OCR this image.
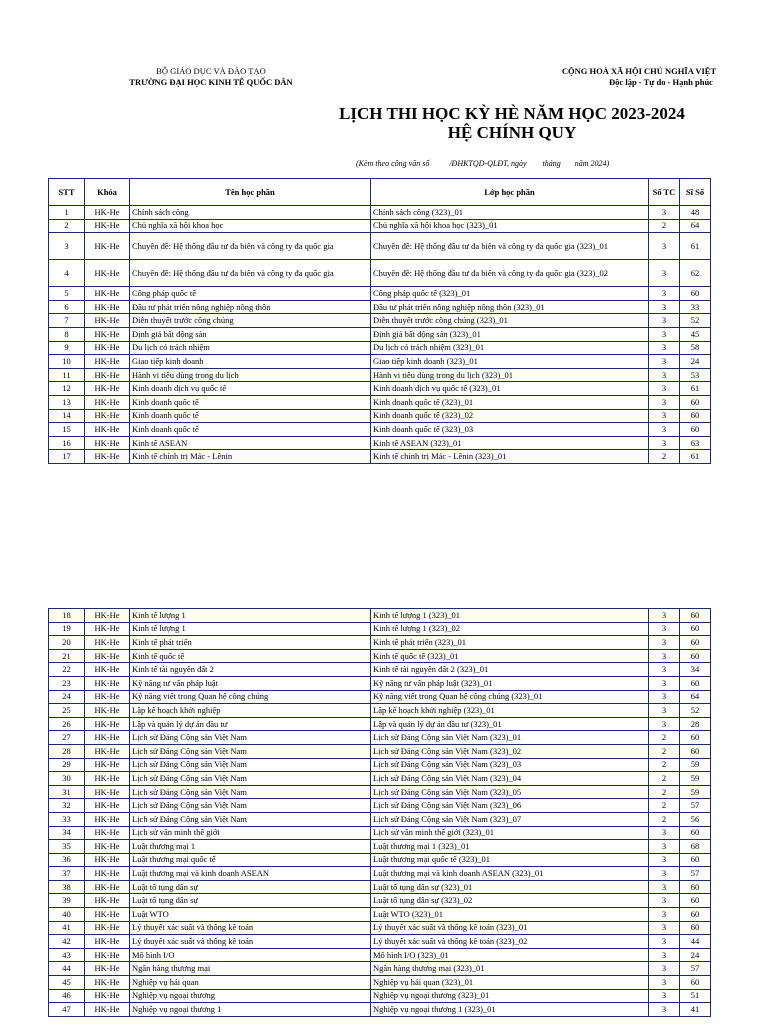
BỘ GIÁO DỤC VÀ ĐÀO TẠO
TRƯỜNG ĐẠI HỌC KINH TẾ QUỐC DÂN
CỘNG HOÀ XÃ HỘI CHỦ NGHĨA VIỆT
Độc lập - Tự do - Hạnh phúc
LỊCH THI HỌC KỲ HÈ NĂM HỌC 2023-2024
HỆ CHÍNH QUY
(Kèm theo công văn số          /ĐHKTQD-QLĐT, ngày        tháng       năm 2024)
STT	Khóa	Tên học phần	Lớp học phần	Số TC	Sĩ Số
1	HK-He	Chính sách công	Chính sách công (323)_01	3	48
2	HK-He	Chủ nghĩa xã hội khoa học	Chủ nghĩa xã hội khoa học (323)_01	2	64
3	HK-He	Chuyên đề: Hệ thống đầu tư đa biên và công ty đa quốc gia	Chuyên đề: Hệ thống đầu tư đa biên và công ty đa quốc gia (323)_01	3	61
4	HK-He	Chuyên đề: Hệ thống đầu tư đa biên và công ty đa quốc gia	Chuyên đề: Hệ thống đầu tư đa biên và công ty đa quốc gia (323)_02	3	62
5	HK-He	Công pháp quốc tế	Công pháp quốc tế (323)_01	3	60
6	HK-He	Đầu tư phát triển nông nghiệp nông thôn	Đầu tư phát triển nông nghiệp nông thôn (323)_01	3	33
7	HK-He	Diễn thuyết trước công chúng	Diễn thuyết trước công chúng (323)_01	3	52
8	HK-He	Định giá bất động sản	Định giá bất động sản (323)_01	3	45
9	HK-He	Du lịch có trách nhiệm	Du lịch có trách nhiệm (323)_01	3	58
10	HK-He	Giao tiếp kinh doanh	Giao tiếp kinh doanh (323)_01	3	24
11	HK-He	Hành vi tiêu dùng trong du lịch	Hành vi tiêu dùng trong du lịch (323)_01	3	53
12	HK-He	Kinh doanh dịch vụ quốc tế	Kinh doanh dịch vụ quốc tế (323)_01	3	61
13	HK-He	Kinh doanh quốc tế	Kinh doanh quốc tế (323)_01	3	60
14	HK-He	Kinh doanh quốc tế	Kinh doanh quốc tế (323)_02	3	60
15	HK-He	Kinh doanh quốc tế	Kinh doanh quốc tế (323)_03	3	60
16	HK-He	Kinh tế ASEAN	Kinh tế ASEAN (323)_01	3	63
17	HK-He	Kinh tế chính trị Mác - Lênin	Kinh tế chính trị Mác - Lênin (323)_01	2	61
18	HK-He	Kinh tế lượng 1	Kinh tế lượng 1 (323)_01	3	60
19	HK-He	Kinh tế lượng 1	Kinh tế lượng 1 (323)_02	3	60
20	HK-He	Kinh tế phát triển	Kinh tế phát triển (323)_01	3	60
21	HK-He	Kinh tế quốc tế	Kinh tế quốc tế (323)_01	3	60
22	HK-He	Kinh tế tài nguyên đất 2	Kinh tế tài nguyên đất 2 (323)_01	3	34
23	HK-He	Kỹ năng tư vấn pháp luật	Kỹ năng tư vấn pháp luật (323)_01	3	60
24	HK-He	Kỹ năng viết trong Quan hệ công chúng	Kỹ năng viết trong Quan hệ công chúng (323)_01	3	64
25	HK-He	Lập kế hoạch khởi nghiệp	Lập kế hoạch khởi nghiệp (323)_01	3	52
26	HK-He	Lập và quản lý dự án đầu tư	Lập và quản lý dự án đầu tư (323)_01	3	28
27	HK-He	Lịch sử Đảng Cộng sản Việt Nam	Lịch sử Đảng Cộng sản Việt Nam (323)_01	2	60
28	HK-He	Lịch sử Đảng Cộng sản Việt Nam	Lịch sử Đảng Cộng sản Việt Nam (323)_02	2	60
29	HK-He	Lịch sử Đảng Cộng sản Việt Nam	Lịch sử Đảng Cộng sản Việt Nam (323)_03	2	59
30	HK-He	Lịch sử Đảng Cộng sản Việt Nam	Lịch sử Đảng Cộng sản Việt Nam (323)_04	2	59
31	HK-He	Lịch sử Đảng Cộng sản Việt Nam	Lịch sử Đảng Cộng sản Việt Nam (323)_05	2	59
32	HK-He	Lịch sử Đảng Cộng sản Việt Nam	Lịch sử Đảng Cộng sản Việt Nam (323)_06	2	57
33	HK-He	Lịch sử Đảng Cộng sản Việt Nam	Lịch sử Đảng Cộng sản Việt Nam (323)_07	2	56
34	HK-He	Lịch sử văn minh thế giới	Lịch sử văn minh thế giới (323)_01	3	60
35	HK-He	Luật thương mại 1	Luật thương mại 1 (323)_01	3	68
36	HK-He	Luật thương mại quốc tế	Luật thương mại quốc tế (323)_01	3	60
37	HK-He	Luật thương mại và kinh doanh ASEAN	Luật thương mại và kinh doanh ASEAN (323)_01	3	57
38	HK-He	Luật tố tụng dân sự	Luật tố tụng dân sự (323)_01	3	60
39	HK-He	Luật tố tụng dân sự	Luật tố tụng dân sự (323)_02	3	60
40	HK-He	Luật WTO	Luật WTO (323)_01	3	60
41	HK-He	Lý thuyết xác suất và thống kê toán	Lý thuyết xác suất và thống kê toán (323)_01	3	60
42	HK-He	Lý thuyết xác suất và thống kê toán	Lý thuyết xác suất và thống kê toán (323)_02	3	44
43	HK-He	Mô hình I/O	Mô hình I/O (323)_01	3	24
44	HK-He	Ngân hàng thương mại	Ngân hàng thương mại (323)_01	3	57
45	HK-He	Nghiệp vụ hải quan	Nghiệp vụ hải quan (323)_01	3	60
46	HK-He	Nghiệp vụ ngoại thương	Nghiệp vụ ngoại thương (323)_01	3	51
47	HK-He	Nghiệp vụ ngoại thương 1	Nghiệp vụ ngoại thương 1 (323)_01	3	41
